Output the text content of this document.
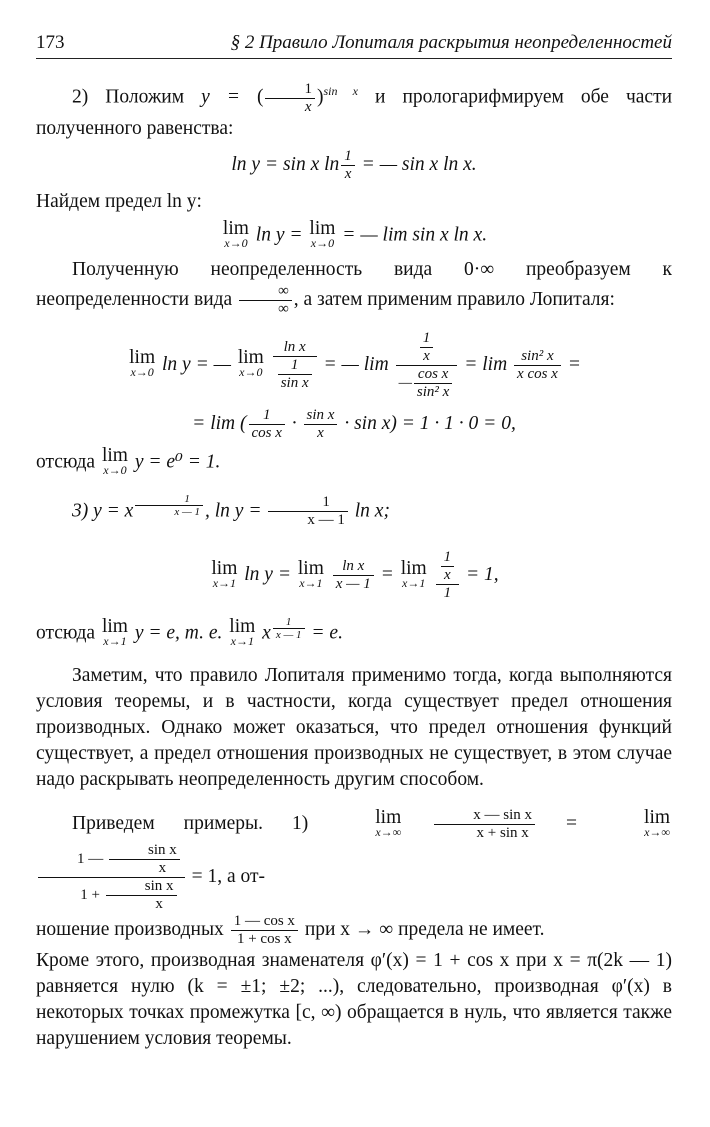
173	§ 2 Правило Лопиталя раскрытия неопределенностей

2) Положим y = ( $\frac{1}{x} )^{sin x}$ и прологарифмируем обе части полученного равенства:

ln y = sin x $\ln \frac{1}{x}$ = — sin x ln x.

Найдем предел ln y:

lim
x→0 ln y = lim
x→0 = — lim sin x ln x.

Полученную неопределенность вида 0·∞ преобразуем к неопределенности вида $\frac{\infty}{\infty}$ , а затем применим правило Лопиталя:

lim
x→0 ln y = — lim
x→0
$\frac{\text{ln x}}{\frac{1}{\text{sin x}}}$ = — $\lim \frac{\frac{1}{x}}{— \frac{\text{cos x}}{\text{sin² x}}} = \lim \frac{\text{sin² x}}{\text{x cos x}}$ =
= lim ( $\frac{1}{\text{cos x}} \cdot \frac{\text{sin x}}{x} \cdot \sin x) = 1 \cdot 1 \cdot 0 = 0$,

отсюда lim
x→0 y = e⁰ = 1.

3) y = x $^{\frac{1}{x — 1}}$ , $\ln y = \frac{1}{x — 1}$ ln x;

lim
x→1 ln y = lim
x→1
$\frac{\text{ln x}}{x — 1} = \lim$
x→1
$\frac{\frac{1}{x}}{1} = 1$,

отсюда lim
x→1 y = e, т. е. lim
x→1 x $^{\frac{1}{x — 1}}$ = e.

Заметим, что правило Лопиталя применимо тогда, когда выполняются условия теоремы, и в частности, когда существует предел отношения производных. Однако может оказаться, что предел отношения функций существует, а предел отношения производных не существует, в этом случае надо раскрывать неопределенность другим способом.

Приведем примеры. 1)	lim
x→∞
$\frac{\text{x — sin x}}{\text{x + sin x}}$ =	lim
x→∞

$\frac{1 — \frac{\text{sin x}}{x}}{1 + \frac{\text{sin x}}{x}} = 1$, а от-

ношение производных $\frac{\text{1 — cos x}}{\text{1 + cos x}}$ при x → ∞ предела не имеет.

Кроме этого, производная знаменателя φ′(x) = 1 + cos x при x = π(2k — 1) равняется нулю (k = ±1; ±2; ...), следовательно, производная φ′(x) в некоторых точках промежутка [c, ∞) обращается в нуль, что является также нарушением условия теоремы.
